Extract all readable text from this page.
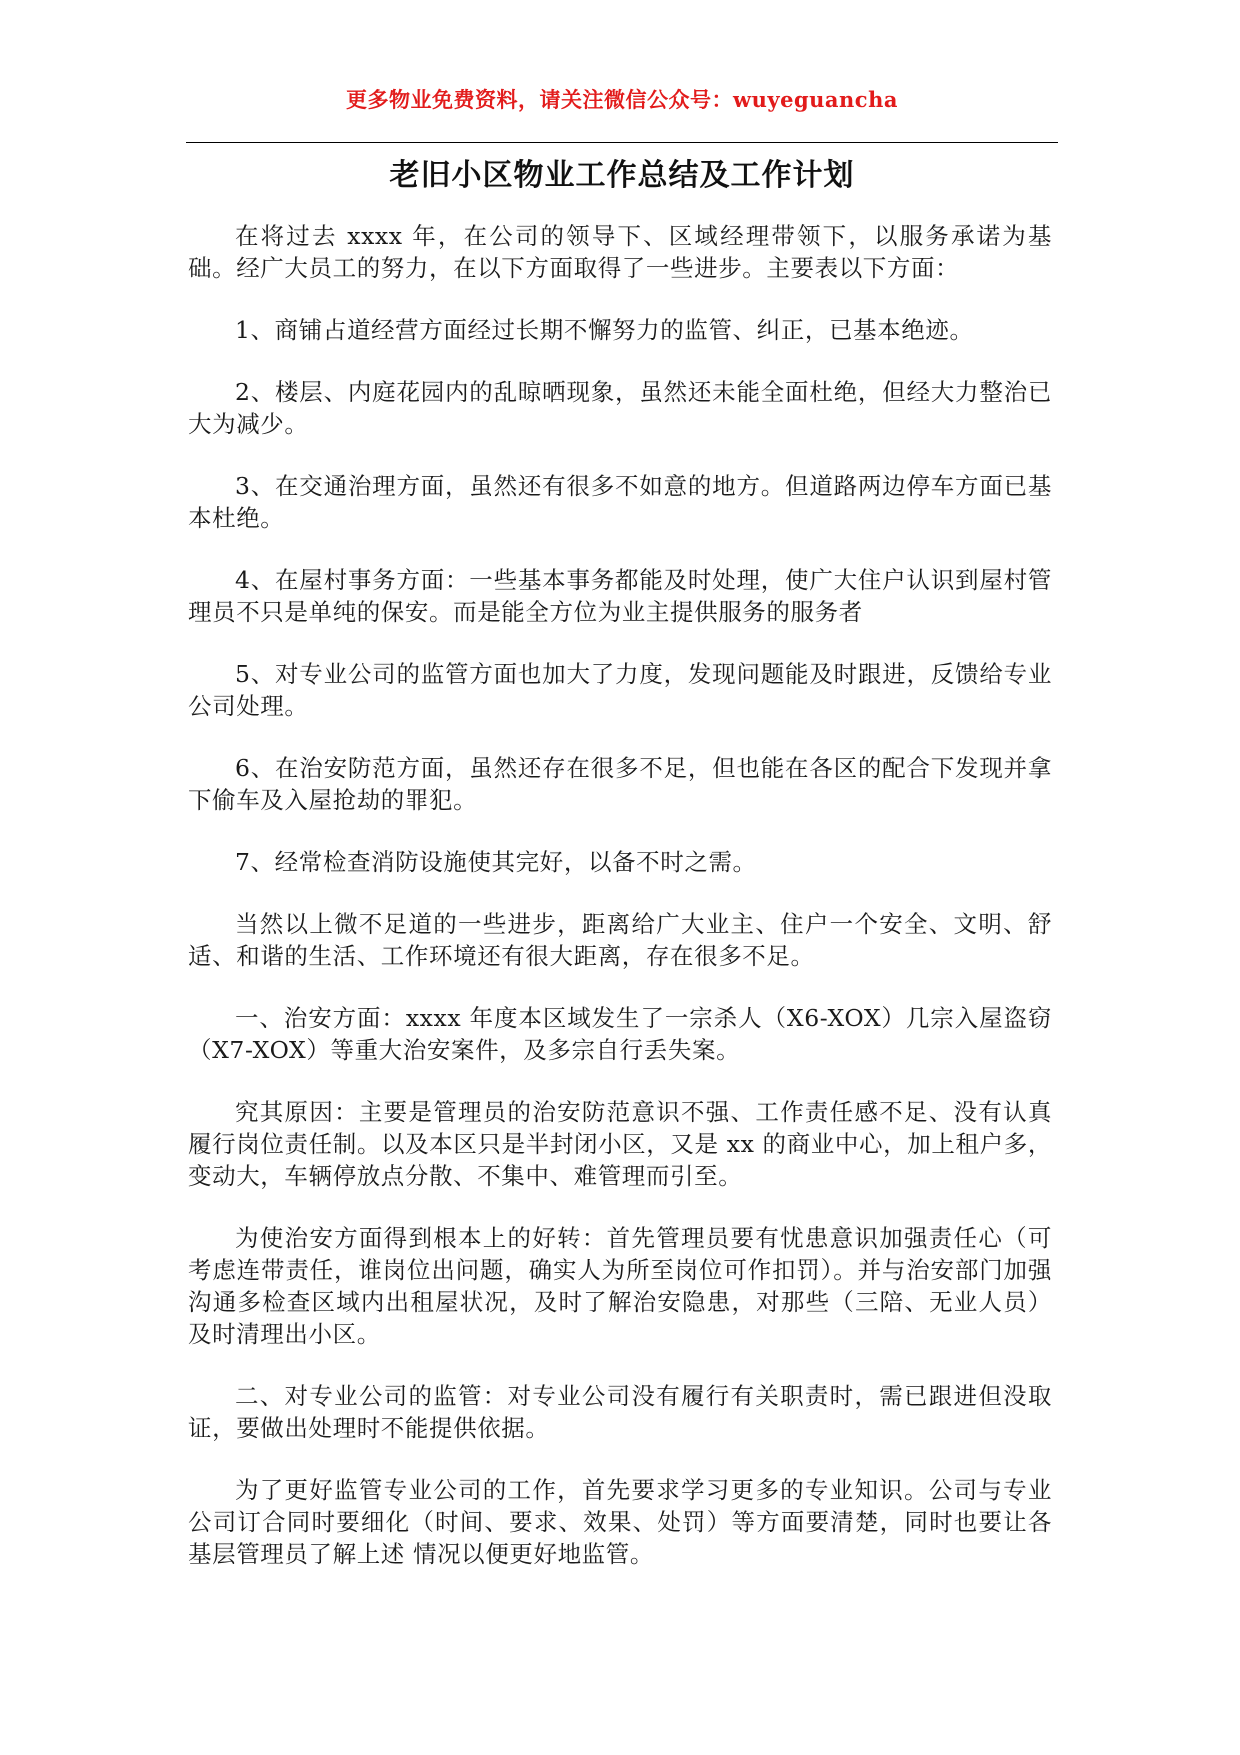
更多物业免费资料，请关注微信公众号：wuyeguancha
老旧小区物业工作总结及工作计划

在将过去 xxxx 年，在公司的领导下、区域经理带领下，以服务承诺为基础。经广大员工的努力，在以下方面取得了一些进步。主要表以下方面：

1、商铺占道经营方面经过长期不懈努力的监管、纠正，已基本绝迹。

2、楼层、内庭花园内的乱晾晒现象，虽然还未能全面杜绝，但经大力整治已大为减少。

3、在交通治理方面，虽然还有很多不如意的地方。但道路两边停车方面已基本杜绝。

4、在屋村事务方面：一些基本事务都能及时处理，使广大住户认识到屋村管理员不只是单纯的保安。而是能全方位为业主提供服务的服务者

5、对专业公司的监管方面也加大了力度，发现问题能及时跟进，反馈给专业公司处理。

6、在治安防范方面，虽然还存在很多不足，但也能在各区的配合下发现并拿下偷车及入屋抢劫的罪犯。

7、经常检查消防设施使其完好，以备不时之需。

当然以上微不足道的一些进步，距离给广大业主、住户一个安全、文明、舒适、和谐的生活、工作环境还有很大距离，存在很多不足。

一、治安方面：xxxx 年度本区域发生了一宗杀人（X6-XOX）几宗入屋盗窃（X7-XOX）等重大治安案件，及多宗自行丢失案。

究其原因：主要是管理员的治安防范意识不强、工作责任感不足、没有认真履行岗位责任制。以及本区只是半封闭小区，又是 xx 的商业中心，加上租户多，变动大，车辆停放点分散、不集中、难管理而引至。

为使治安方面得到根本上的好转：首先管理员要有忧患意识加强责任心（可考虑连带责任，谁岗位出问题，确实人为所至岗位可作扣罚）。并与治安部门加强沟通多检查区域内出租屋状况，及时了解治安隐患，对那些（三陪、无业人员）及时清理出小区。

二、对专业公司的监管：对专业公司没有履行有关职责时，需已跟进但没取证，要做出处理时不能提供依据。

为了更好监管专业公司的工作，首先要求学习更多的专业知识。公司与专业公司订合同时要细化（时间、要求、效果、处罚）等方面要清楚，同时也要让各基层管理员了解上述 情况以便更好地监管。
